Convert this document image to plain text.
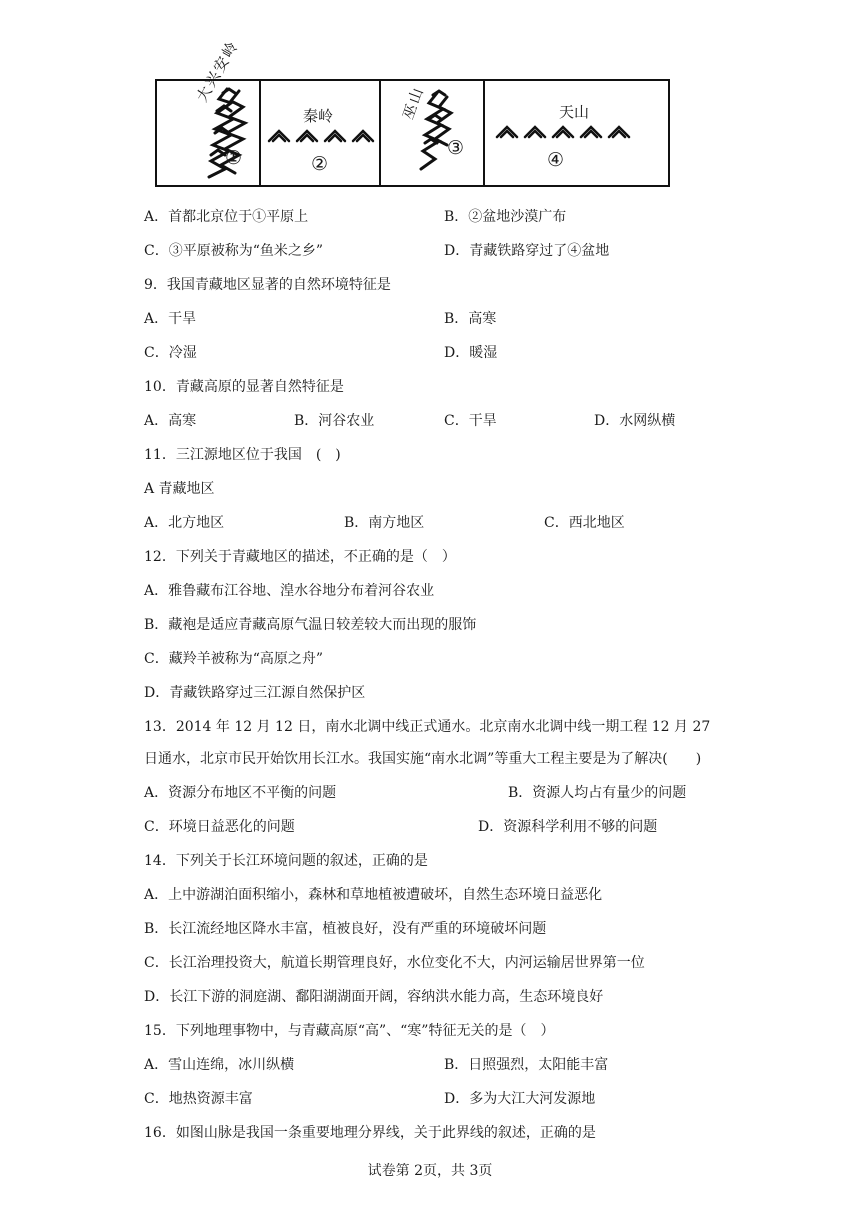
大兴安岭
①
秦岭
②
巫山
③
天山
④
A．首都北京位于①平原上	B．②盆地沙漠广布
C．③平原被称为“鱼米之乡”	D．青藏铁路穿过了④盆地
9．我国青藏地区显著的自然环境特征是
A．干旱	B．高寒
C．冷湿	D．暖湿
10．青藏高原的显著自然特征是
A．高寒	B．河谷农业	C．干旱	D．水网纵横
11．三江源地区位于我国　(　)
A 青藏地区
A．北方地区	B．南方地区	C．西北地区
12．下列关于青藏地区的描述，不正确的是（　）
A．雅鲁藏布江谷地、湟水谷地分布着河谷农业
B．藏袍是适应青藏高原气温日较差较大而出现的服饰
C．藏羚羊被称为“高原之舟”
D．青藏铁路穿过三江源自然保护区
13．2014 年 12 月 12 日，南水北调中线正式通水。北京南水北调中线一期工程 12 月 27
日通水，北京市民开始饮用长江水。我国实施“南水北调”等重大工程主要是为了解决(　　)
A．资源分布地区不平衡的问题	B．资源人均占有量少的问题
C．环境日益恶化的问题	D．资源科学利用不够的问题
14．下列关于长江环境问题的叙述，正确的是
A．上中游湖泊面积缩小，森林和草地植被遭破坏，自然生态环境日益恶化
B．长江流经地区降水丰富，植被良好，没有严重的环境破坏问题
C．长江治理投资大，航道长期管理良好，水位变化不大，内河运输居世界第一位
D．长江下游的洞庭湖、鄱阳湖湖面开阔，容纳洪水能力高，生态环境良好
15．下列地理事物中，与青藏高原“高”、“寒”特征无关的是（　）
A．雪山连绵，冰川纵横	B．日照强烈，太阳能丰富
C．地热资源丰富	D．多为大江大河发源地
16．如图山脉是我国一条重要地理分界线，关于此界线的叙述，正确的是
试卷第 2页，共 3页
